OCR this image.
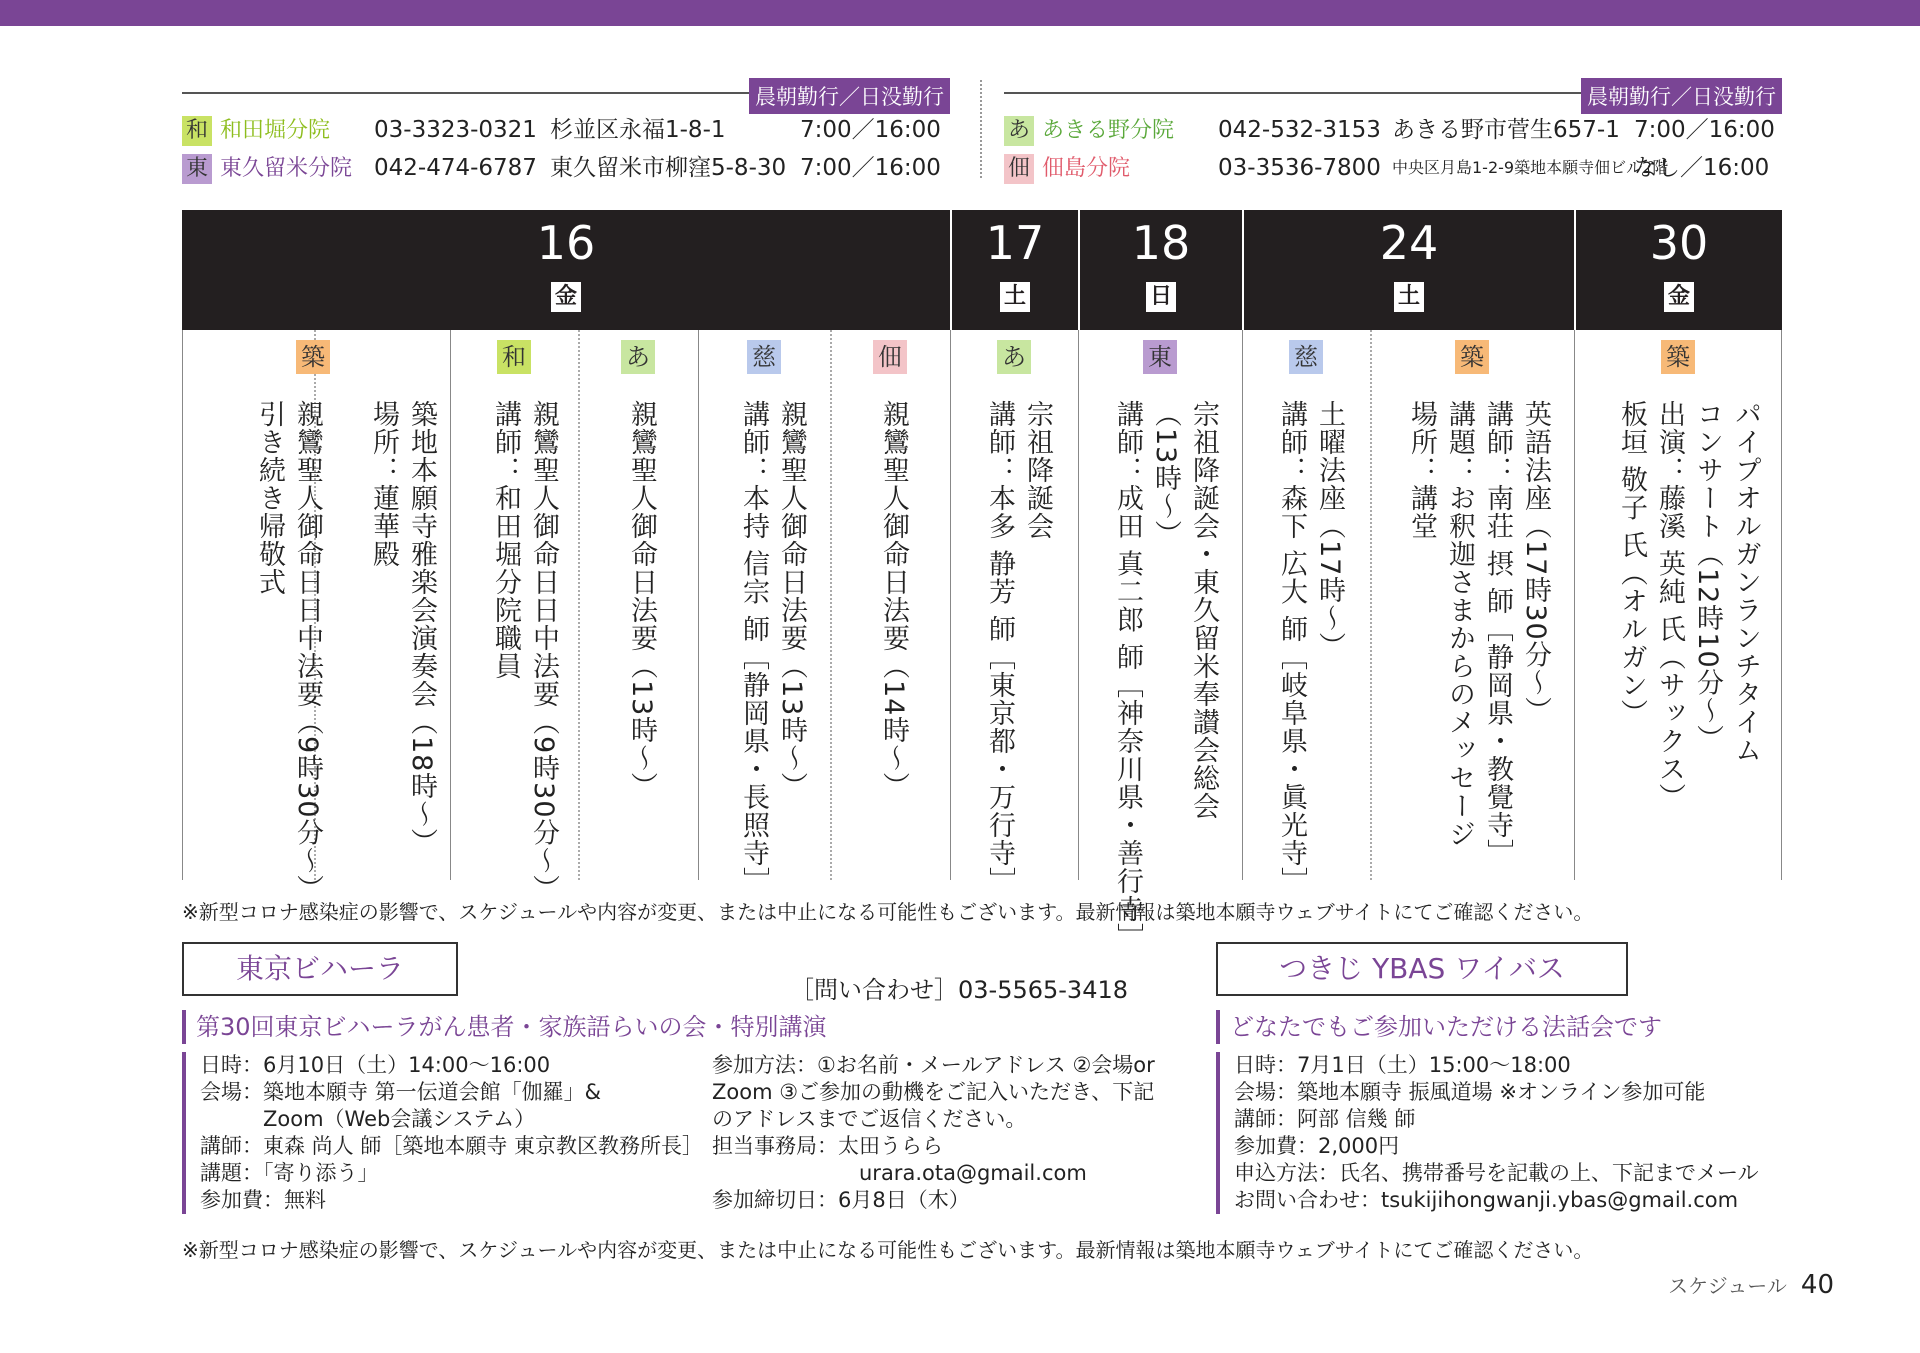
晨朝勤行／日没勤行
和 和田堀分院 03-3323-0321 杉並区永福1-8-1	7:00／16:00
東 東久留米分院 042-474-6787 東久留米市柳窪5-8-30 7:00／16:00
晨朝勤行／日没勤行
あ あきる野分院 042-532-3153 あきる野市菅生657-1 7:00／16:00
佃 佃島分院	03-3536-7800 中央区月島1-2-9築地本願寺佃ビル2階
なし／16:00
16
金
17
土
18
日
24
土
30
金
築
築地本願寺雅楽会演奏会（18時～）
場所：蓮華殿

親鸞聖人御命日日中法要（9時30分～）
引き続き帰敬式
和
親鸞聖人御命日日中法要（9時30分～）
講師：和田堀分院職員
あ
親鸞聖人御命日法要（13時～）
慈
親鸞聖人御命日法要（13時～）
講師：本持 信宗 師［静岡県・長照寺］
佃
親鸞聖人御命日法要（14時～）
あ
宗祖降誕会
講師：本多 静芳 師［東京都・万行寺］
東
宗祖降誕会・東久留米奉讃会総会
（13時～）
講師：成田 真二郎 師［神奈川県・善行寺］
慈
土曜法座（17時～）
講師：森下 広大 師［岐阜県・眞光寺］
築
英語法座（17時30分～）
講師：南荘 摂 師［静岡県・教覺寺］
講題：お釈迦さまからのメッセージ
場所：講堂
築
パイプオルガンランチタイム
コンサート（12時10分～）
出演：藤溪 英純 氏（サックス）
板垣 敬子 氏（オルガン）
※新型コロナ感染症の影響で、スケジュールや内容が変更、または中止になる可能性もございます。最新情報は築地本願寺ウェブサイトにてご確認ください。
東京ビハーラ
［問い合わせ］03-5565-3418
第30回東京ビハーラがん患者・家族語らいの会・特別講演
日時：6月10日（土）14:00～16:00
会場：築地本願寺 第一伝道会館「伽羅」&
　　　Zoom（Web会議システム）
講師：東森 尚人 師［築地本願寺 東京教区教務所長］
講題：「寄り添う」
参加費：無料
参加方法：①お名前・メールアドレス ②会場or
Zoom ③ご参加の動機をご記入いただき、下記
のアドレスまでご返信ください。
担当事務局：太田うらら
　　　　　　　urara.ota@gmail.com
参加締切日：6月8日（木）
つきじ YBAS ワイバス
どなたでもご参加いただける法話会です
日時：7月1日（土）15:00～18:00
会場：築地本願寺 振風道場 ※オンライン参加可能
講師：阿部 信幾 師
参加費：2,000円
申込方法：氏名、携帯番号を記載の上、下記までメール
お問い合わせ：tsukijihongwanji.ybas@gmail.com
※新型コロナ感染症の影響で、スケジュールや内容が変更、または中止になる可能性もございます。最新情報は築地本願寺ウェブサイトにてご確認ください。
スケジュール 40
